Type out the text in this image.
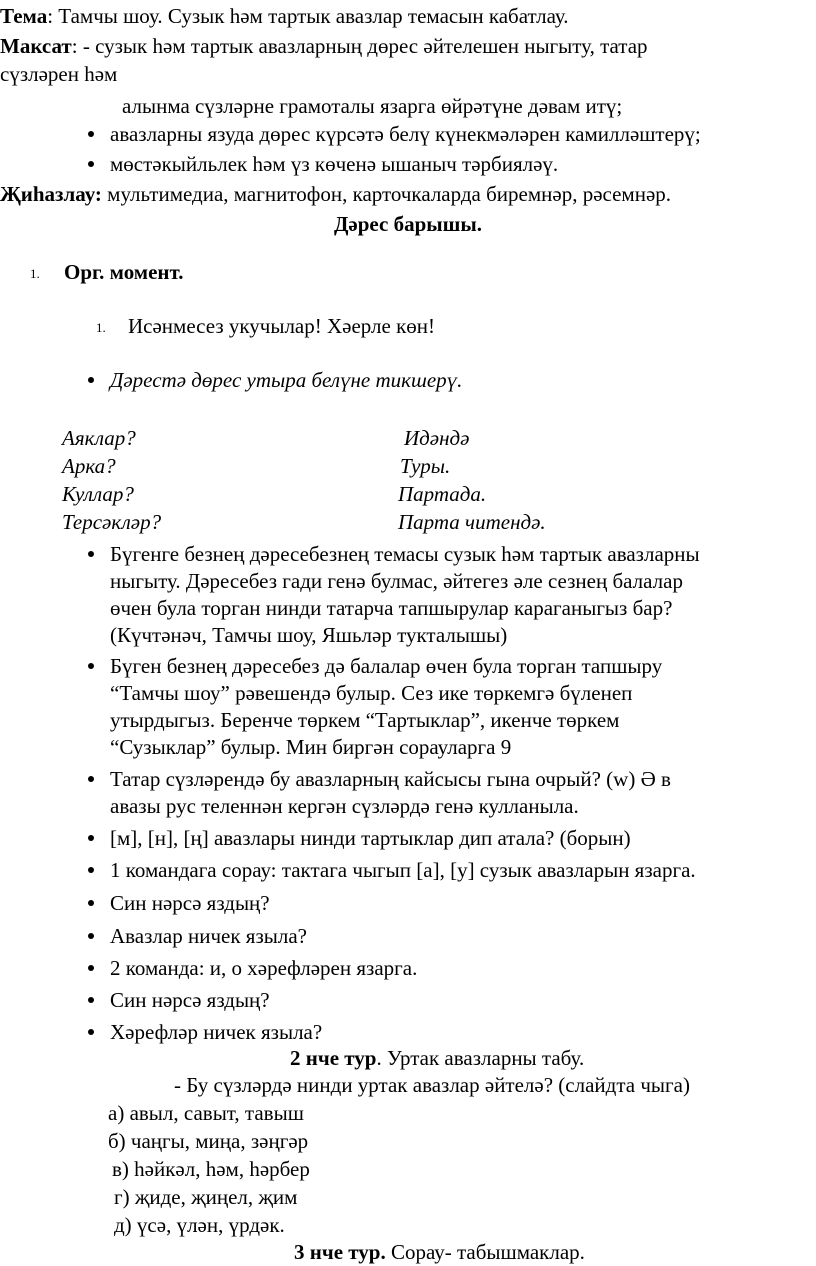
Тема: Тамчы шоу. Сузык һәм тартык авазлар темасын кабатлау.
Максат: - сузык һәм тартык авазларның дөрес әйтелешен ныгыту, татар
сүзләрен һәм
алынма сүзләрне грамоталы язарга өйрәтүне дәвам итү;
авазларны язуда дөрес күрсәтә белү күнекмәләрен камилләштерү;
мөстәкыйльлек һәм үз көченә ышаныч тәрбияләү.
Җиһазлау: мультимедиа, магнитофон, карточкаларда биремнәр, рәсемнәр.
Дәрес барышы.
1. Орг. момент.
1. Исәнмесез укучылар! Хәерле көн!
Дәрестә дөрес утыра белүне тикшерү.
Аяклар?	Идәндә
Арка?	Туры.
Куллар?	Партада.
Терсәкләр?	Парта читендә.
Бүгенге безнең дәресебезнең темасы сузык һәм тартык авазларны
ныгыту. Дәресебез гади генә булмас, әйтегез әле сезнең балалар
өчен була торган нинди татарча тапшырулар караганыгыз бар?
(Күчтәнәч, Тамчы шоу, Яшьләр тукталышы)
Бүген безнең дәресебез дә балалар өчен була торган тапшыру
“Тамчы шоу” рәвешендә булыр. Сез ике төркемгә бүленеп
утырдыгыз. Беренче төркем “Тартыклар”, икенче төркем
“Сузыклар” булыр. Мин биргән сорауларга 9
Татар сүзләрендә бу авазларның кайсысы гына очрый? (w) Ә в
авазы рус теленнән кергән сүзләрдә генә кулланыла.
[м], [н], [ң] авазлары нинди тартыклар дип атала? (борын)
1 командага сорау: тактага чыгып [а], [у] сузык авазларын язарга.
Син нәрсә яздың?
Авазлар ничек языла?
2 команда: и, о хәрефләрен язарга.
Син нәрсә яздың?
Хәрефләр ничек языла?
2 нче тур. Уртак авазларны табу.
- Бу сүзләрдә нинди уртак авазлар әйтелә? (слайдта чыга)
а) авыл, савыт, тавыш
б) чаңгы, миңа, зәңгәр
в) һәйкәл, һәм, һәрбер
г) җиде, җиңел, җим
д) үсә, үлән, үрдәк.
3 нче тур. Сорау- табышмаклар.
